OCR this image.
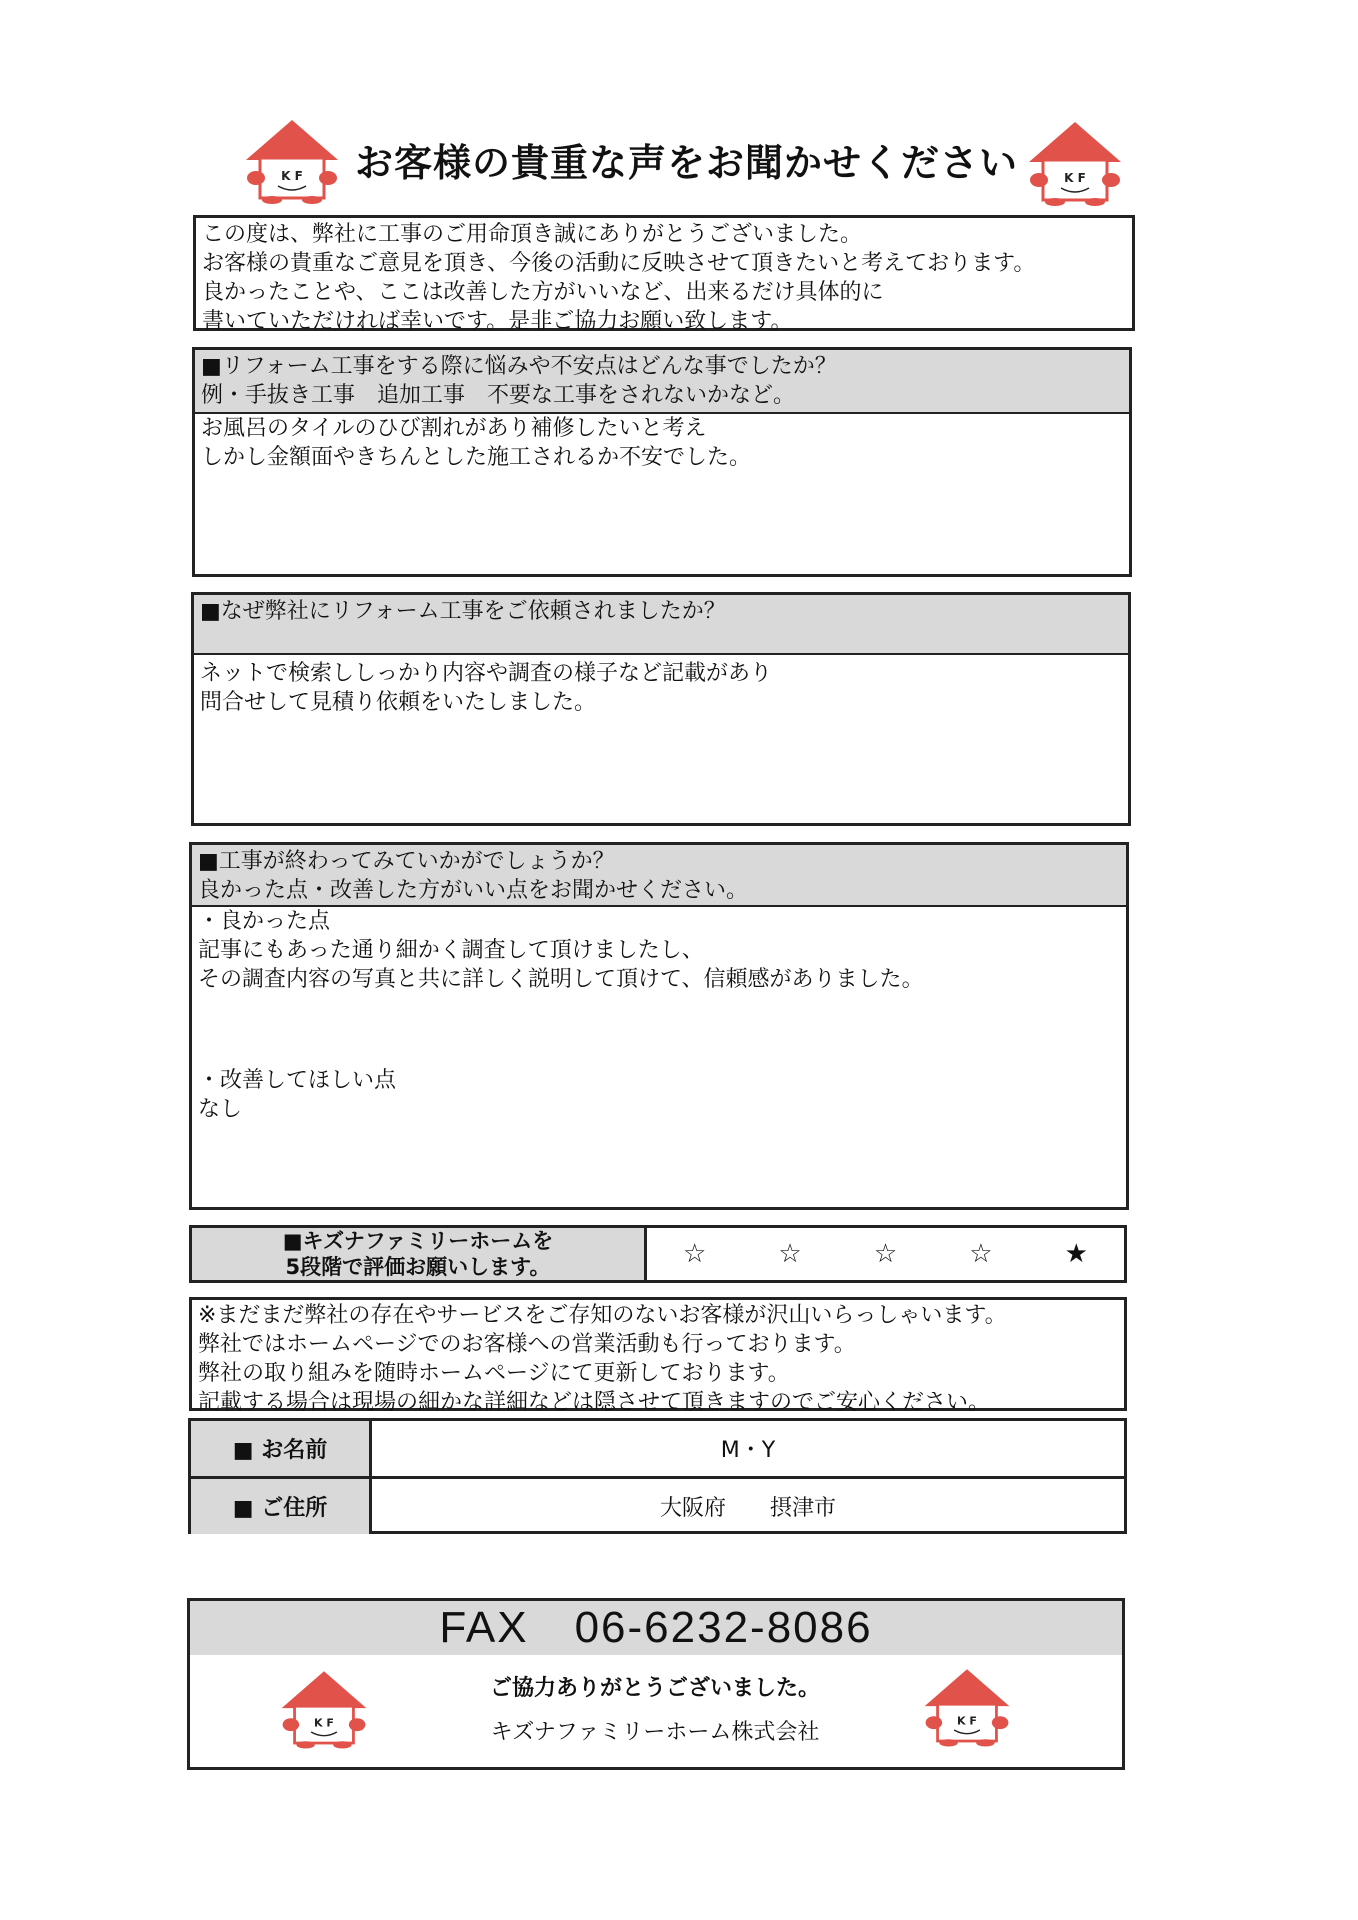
K F お客様の貴重な声をお聞かせください	K F
この度は、弊社に工事のご用命頂き誠にありがとうございました。
お客様の貴重なご意見を頂き、今後の活動に反映させて頂きたいと考えております。
良かったことや、ここは改善した方がいいなど、出来るだけ具体的に
書いていただければ幸いです。是非ご協力お願い致します。
■リフォーム工事をする際に悩みや不安点はどんな事でしたか？
例・手抜き工事　追加工事　不要な工事をされないかなど。
お風呂のタイルのひび割れがあり補修したいと考え
しかし金額面やきちんとした施工されるか不安でした。
■なぜ弊社にリフォーム工事をご依頼されましたか？
ネットで検索ししっかり内容や調査の様子など記載があり
問合せして見積り依頼をいたしました。
■工事が終わってみていかがでしょうか？
良かった点・改善した方がいい点をお聞かせください。
・良かった点
記事にもあった通り細かく調査して頂けましたし、
その調査内容の写真と共に詳しく説明して頂けて、信頼感がありました。
・改善してほしい点
なし
■キズナファミリーホームを
5段階で評価お願いします。	☆	☆	☆	☆	★
※まだまだ弊社の存在やサービスをご存知のないお客様が沢山いらっしゃいます。
弊社ではホームページでのお客様への営業活動も行っております。
弊社の取り組みを随時ホームページにて更新しております。
記載する場合は現場の細かな詳細などは隠させて頂きますのでご安心ください。
■ お名前	M・Y
■ ご住所	大阪府　　摂津市
FAX　06-6232-8086
K F
ご協力ありがとうございました。
キズナファミリーホーム株式会社	K F
